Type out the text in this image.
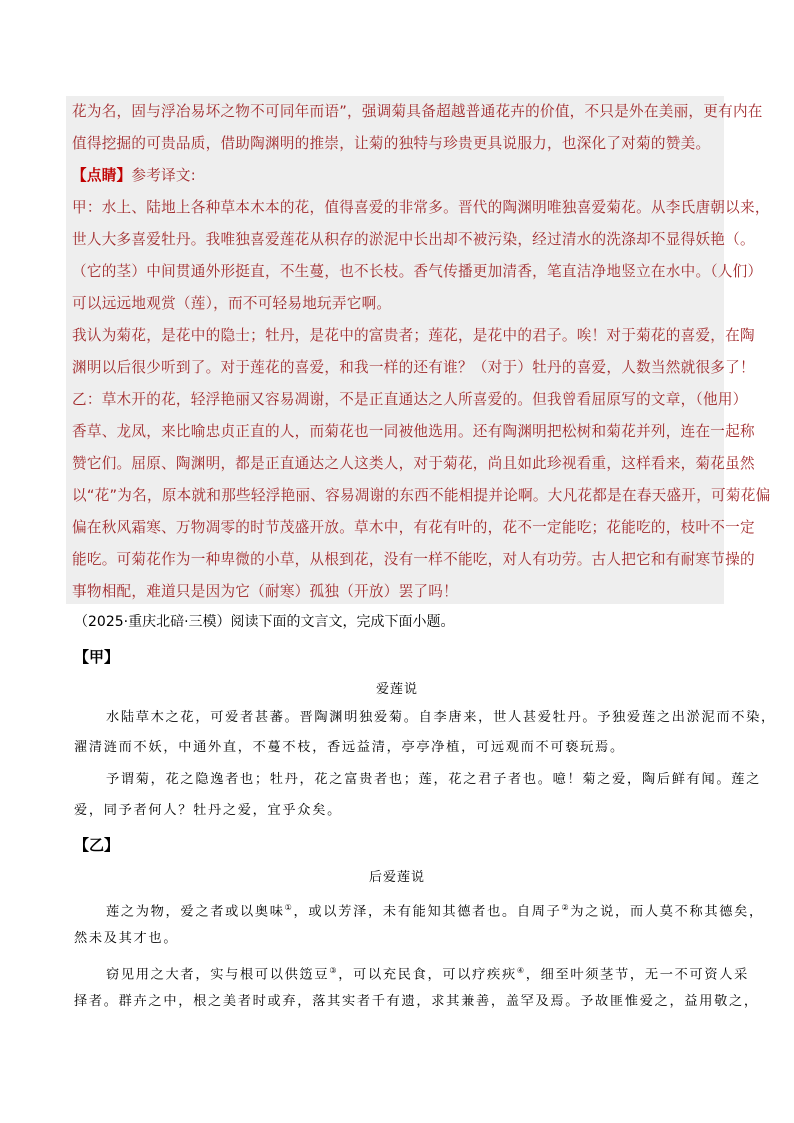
花为名，固与浮冶易坏之物不可同年而语”，强调菊具备超越普通花卉的价值，不只是外在美丽，更有内在
值得挖掘的可贵品质，借助陶渊明的推崇，让菊的独特与珍贵更具说服力，也深化了对菊的赞美。
【点睛】参考译文:
甲：水上、陆地上各种草本木本的花，值得喜爱的非常多。晋代的陶渊明唯独喜爱菊花。从李氏唐朝以来，
世人大多喜爱牡丹。我唯独喜爱莲花从积存的淤泥中长出却不被污染，经过清水的洗涤却不显得妖艳（。
（它的茎）中间贯通外形挺直，不生蔓，也不长枝。香气传播更加清香，笔直洁净地竖立在水中。（人们）
可以远远地观赏（莲），而不可轻易地玩弄它啊。
我认为菊花，是花中的隐士；牡丹，是花中的富贵者；莲花，是花中的君子。唉！对于菊花的喜爱，在陶
渊明以后很少听到了。对于莲花的喜爱，和我一样的还有谁？（对于）牡丹的喜爱，人数当然就很多了！
乙：草木开的花，轻浮艳丽又容易凋谢，不是正直通达之人所喜爱的。但我曾看屈原写的文章，（他用）
香草、龙凤，来比喻忠贞正直的人，而菊花也一同被他选用。还有陶渊明把松树和菊花并列，连在一起称
赞它们。屈原、陶渊明，都是正直通达之人这类人，对于菊花，尚且如此珍视看重，这样看来，菊花虽然
以“花”为名，原本就和那些轻浮艳丽、容易凋谢的东西不能相提并论啊。大凡花都是在春天盛开，可菊花偏
偏在秋风霜寒、万物凋零的时节茂盛开放。草木中，有花有叶的，花不一定能吃；花能吃的，枝叶不一定
能吃。可菊花作为一种卑微的小草，从根到花，没有一样不能吃，对人有功劳。古人把它和有耐寒节操的
事物相配，难道只是因为它（耐寒）孤独（开放）罢了吗！
（2025·重庆北碚·三模）阅读下面的文言文，完成下面小题。
【甲】
爱莲说
水陆草木之花，可爱者甚蕃。晋陶渊明独爱菊。自李唐来，世人甚爱牡丹。予独爱莲之出淤泥而不染，
濯清涟而不妖，中通外直，不蔓不枝，香远益清，亭亭净植，可远观而不可亵玩焉。
予谓菊，花之隐逸者也；牡丹，花之富贵者也；莲，花之君子者也。噫！菊之爱，陶后鲜有闻。莲之
爱，同予者何人？牡丹之爱，宜乎众矣。
【乙】
后爱莲说
莲之为物，爱之者或以奥味①，或以芳泽，未有能知其德者也。自周子②为之说，而人莫不称其德矣，
然未及其才也。
窃见用之大者，实与根可以供笾豆③，可以充民食，可以疗疾疢④，细至叶须茎节，无一不可资人采
择者。群卉之中，根之美者时或弃，落其实者千有遗，求其兼善，盖罕及焉。予故匪惟爱之，益用敬之，
